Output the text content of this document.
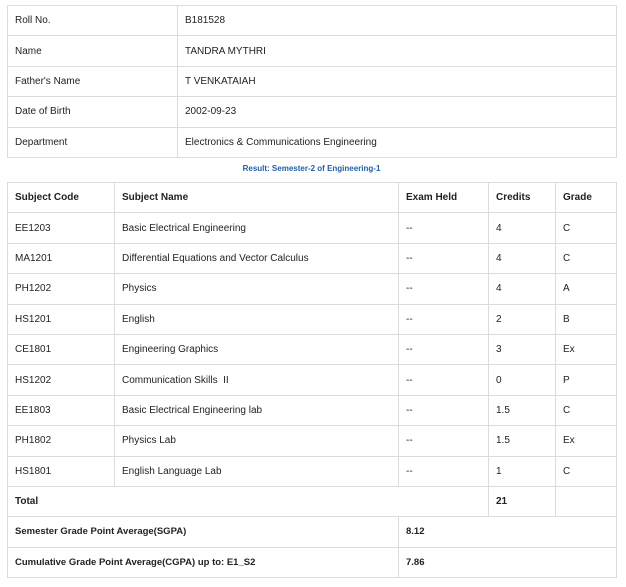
Roll No.	B181528
Name	TANDRA MYTHRI
Father's Name	T VENKATAIAH
Date of Birth	2002-09-23
Department	Electronics & Communications Engineering
Result: Semester-2 of Engineering-1
Subject Code	Subject Name	Exam Held	Credits	Grade
EE1203	Basic Electrical Engineering	--	4	C
MA1201	Differential Equations and Vector Calculus	--	4	C
PH1202	Physics	--	4	A
HS1201	English	--	2	B
CE1801	Engineering Graphics	--	3	Ex
HS1202	Communication Skills  II	--	0	P
EE1803	Basic Electrical Engineering lab	--	1.5	C
PH1802	Physics Lab	--	1.5	Ex
HS1801	English Language Lab	--	1	C
Total			21	
Semester Grade Point Average(SGPA)		8.12		
Cumulative Grade Point Average(CGPA) up to: E1_S2		7.86		
